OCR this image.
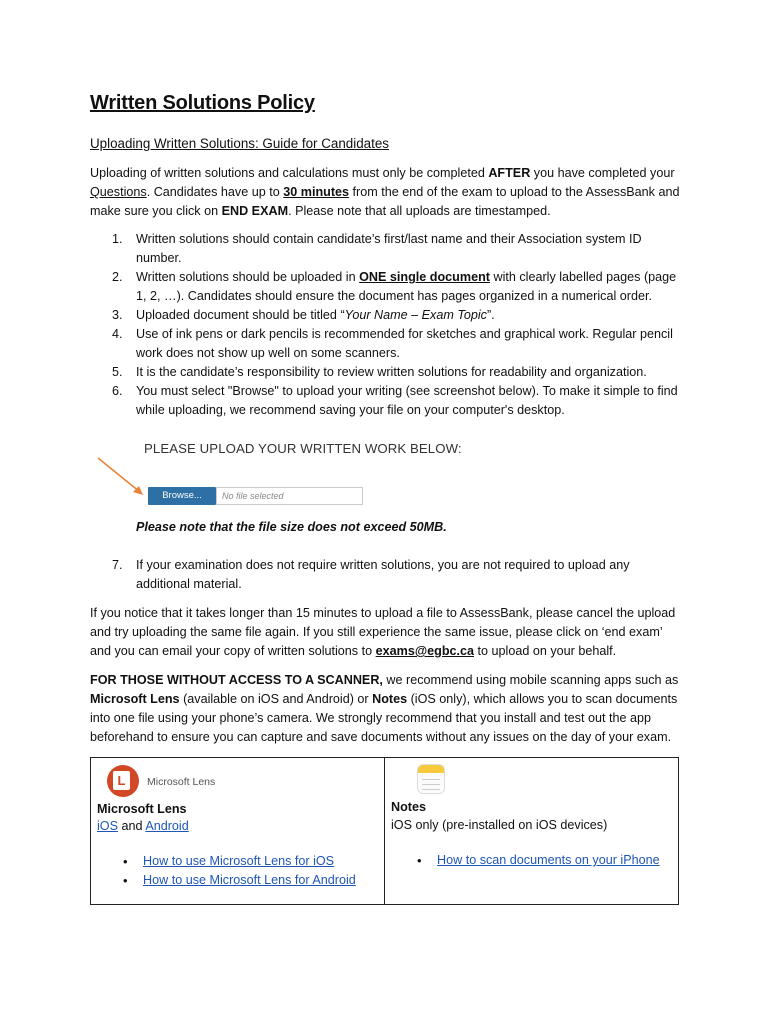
Written Solutions Policy
Uploading Written Solutions: Guide for Candidates
Uploading of written solutions and calculations must only be completed AFTER you have completed your Questions. Candidates have up to 30 minutes from the end of the exam to upload to the AssessBank and make sure you click on END EXAM. Please note that all uploads are timestamped.
1. Written solutions should contain candidate’s first/last name and their Association system ID number.
2. Written solutions should be uploaded in ONE single document with clearly labelled pages (page 1, 2, …). Candidates should ensure the document has pages organized in a numerical order.
3. Uploaded document should be titled “Your Name – Exam Topic”.
4. Use of ink pens or dark pencils is recommended for sketches and graphical work. Regular pencil work does not show up well on some scanners.
5. It is the candidate’s responsibility to review written solutions for readability and organization.
6. You must select "Browse" to upload your writing (see screenshot below). To make it simple to find while uploading, we recommend saving your file on your computer's desktop.
PLEASE UPLOAD YOUR WRITTEN WORK BELOW:
Browse...	No file selected
Please note that the file size does not exceed 50MB.
7. If your examination does not require written solutions, you are not required to upload any additional material.
If you notice that it takes longer than 15 minutes to upload a file to AssessBank, please cancel the upload and try uploading the same file again. If you still experience the same issue, please click on ‘end exam’ and you can email your copy of written solutions to exams@egbc.ca to upload on your behalf.
FOR THOSE WITHOUT ACCESS TO A SCANNER, we recommend using mobile scanning apps such as Microsoft Lens (available on iOS and Android) or Notes (iOS only), which allows you to scan documents into one file using your phone’s camera. We strongly recommend that you install and test out the app beforehand to ensure you can capture and save documents without any issues on the day of your exam.
L	Microsoft Lens
Microsoft Lens
iOS and Android
• How to use Microsoft Lens for iOS
• How to use Microsoft Lens for Android

Notes
iOS only (pre-installed on iOS devices)
• How to scan documents on your iPhone
